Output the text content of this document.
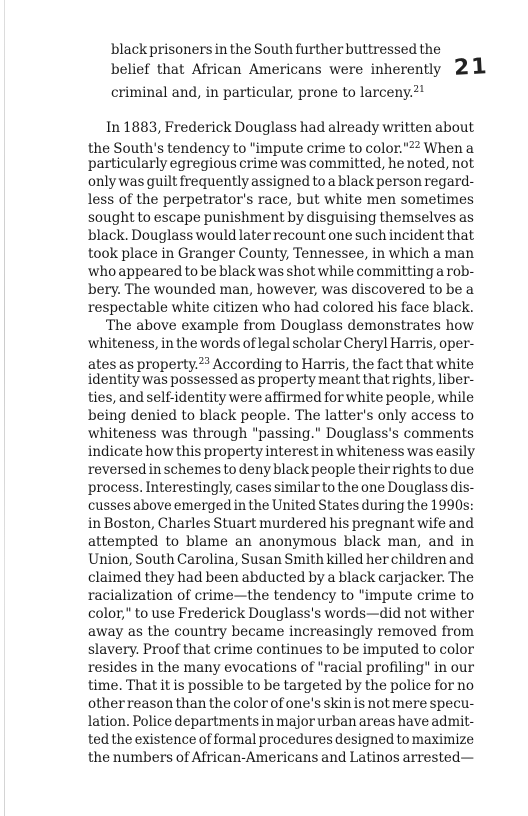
21
black prisoners in the South further buttressed the
belief that African Americans were inherently
criminal and, in particular, prone to larceny.$^{21}$
In 1883, Frederick Douglass had already written about
the South's tendency to "impute crime to color."$^{22}$ When a
particularly egregious crime was committed, he noted, not
only was guilt frequently assigned to a black person regard-
less of the perpetrator's race, but white men sometimes
sought to escape punishment by disguising themselves as
black. Douglass would later recount one such incident that
took place in Granger County, Tennessee, in which a man
who appeared to be black was shot while committing a rob-
bery. The wounded man, however, was discovered to be a
respectable white citizen who had colored his face black.
The above example from Douglass demonstrates how
whiteness, in the words of legal scholar Cheryl Harris, oper-
ates as property.$^{23}$ According to Harris, the fact that white
identity was possessed as property meant that rights, liber-
ties, and self-identity were affirmed for white people, while
being denied to black people. The latter's only access to
whiteness was through "passing." Douglass's comments
indicate how this property interest in whiteness was easily
reversed in schemes to deny black people their rights to due
process. Interestingly, cases similar to the one Douglass dis-
cusses above emerged in the United States during the 1990s:
in Boston, Charles Stuart murdered his pregnant wife and
attempted to blame an anonymous black man, and in
Union, South Carolina, Susan Smith killed her children and
claimed they had been abducted by a black carjacker. The
racialization of crime—the tendency to "impute crime to
color," to use Frederick Douglass's words—did not wither
away as the country became increasingly removed from
slavery. Proof that crime continues to be imputed to color
resides in the many evocations of "racial profiling" in our
time. That it is possible to be targeted by the police for no
other reason than the color of one's skin is not mere specu-
lation. Police departments in major urban areas have admit-
ted the existence of formal procedures designed to maximize
the numbers of African-Americans and Latinos arrested—
